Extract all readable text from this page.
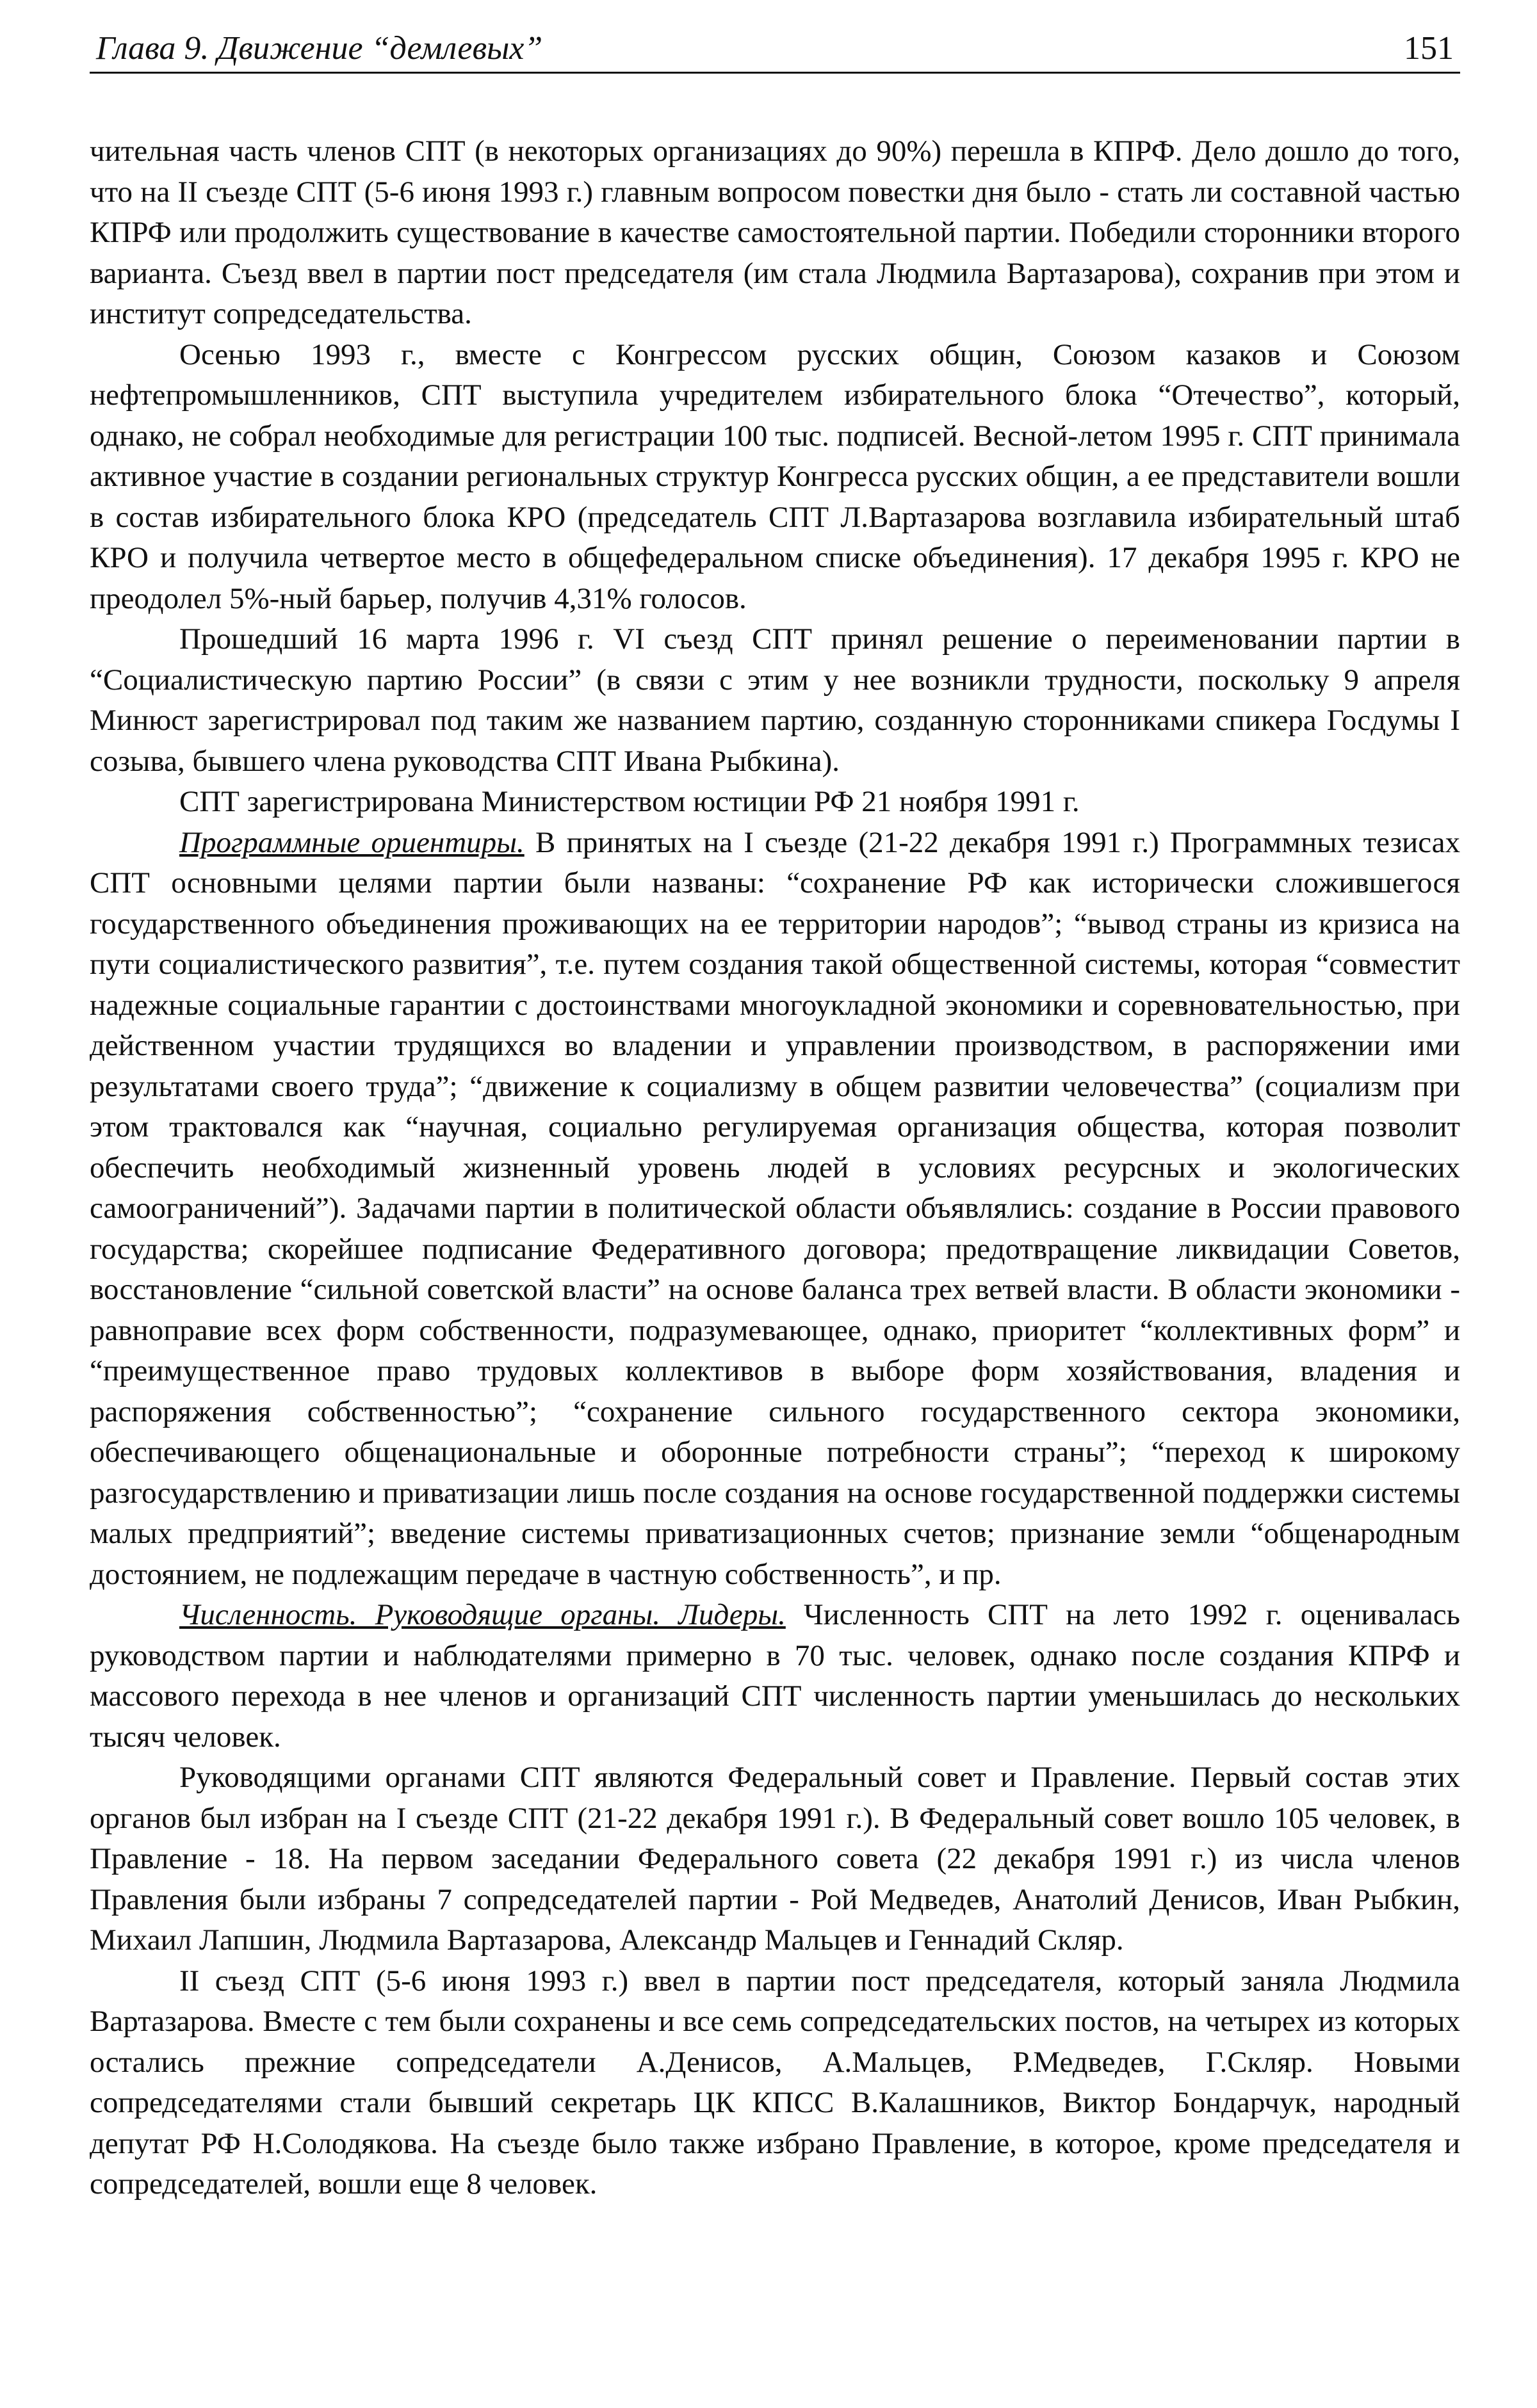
Глава 9. Движение “демлевых”	151

чительная часть членов СПТ (в некоторых организациях до 90%) перешла в КПРФ. Дело дошло до того, что на II съезде СПТ (5-6 июня 1993 г.) главным вопросом повестки дня было - стать ли составной частью КПРФ или продолжить существование в качестве самостоятельной партии. Победили сторонники второго варианта. Съезд ввел в партии пост председателя (им стала Людмила Вартазарова), сохранив при этом и институт сопредседательства.

Осенью 1993 г., вместе с Конгрессом русских общин, Союзом казаков и Союзом нефтепромышленников, СПТ выступила учредителем избирательного блока “Отечество”, который, однако, не собрал необходимые для регистрации 100 тыс. подписей. Весной-летом 1995 г. СПТ принимала активное участие в создании региональных структур Конгресса русских общин, а ее представители вошли в состав избирательного блока КРО (председатель СПТ Л.Вартазарова возглавила избирательный штаб КРО и получила четвертое место в общефедеральном списке объединения). 17 декабря 1995 г. КРО не преодолел 5%-ный барьер, получив 4,31% голосов.

Прошедший 16 марта 1996 г. VI съезд СПТ принял решение о переименовании партии в “Социалистическую партию России” (в связи с этим у нее возникли трудности, поскольку 9 апреля Минюст зарегистрировал под таким же названием партию, созданную сторонниками спикера Госдумы I созыва, бывшего члена руководства СПТ Ивана Рыбкина).

СПТ зарегистрирована Министерством юстиции РФ 21 ноября 1991 г.

Программные ориентиры. В принятых на I съезде (21-22 декабря 1991 г.) Программных тезисах СПТ основными целями партии были названы: “сохранение РФ как исторически сложившегося государственного объединения проживающих на ее территории народов”; “вывод страны из кризиса на пути социалистического развития”, т.е. путем создания такой общественной системы, которая “совместит надежные социальные гарантии с достоинствами многоукладной экономики и соревновательностью, при действенном участии трудящихся во владении и управлении производством, в распоряжении ими результатами своего труда”; “движение к социализму в общем развитии человечества” (социализм при этом трактовался как “научная, социально регулируемая организация общества, которая позволит обеспечить необходимый жизненный уровень людей в условиях ресурсных и экологических самоограничений”). Задачами партии в политической области объявлялись: создание в России правового государства; скорейшее подписание Федеративного договора; предотвращение ликвидации Советов, восстановление “сильной советской власти” на основе баланса трех ветвей власти. В области экономики - равноправие всех форм собственности, подразумевающее, однако, приоритет “коллективных форм” и “преимущественное право трудовых коллективов в выборе форм хозяйствования, владения и распоряжения собственностью”; “сохранение сильного государственного сектора экономики, обеспечивающего общенациональные и оборонные потребности страны”; “переход к широкому разгосударствлению и приватизации лишь после создания на основе государственной поддержки системы малых предприятий”; введение системы приватизационных счетов; признание земли “общенародным достоянием, не подлежащим передаче в частную собственность”, и пр.

Численность. Руководящие органы. Лидеры. Численность СПТ на лето 1992 г. оценивалась руководством партии и наблюдателями примерно в 70 тыс. человек, однако после создания КПРФ и массового перехода в нее членов и организаций СПТ численность партии уменьшилась до нескольких тысяч человек.

Руководящими органами СПТ являются Федеральный совет и Правление. Первый состав этих органов был избран на I съезде СПТ (21-22 декабря 1991 г.). В Федеральный совет вошло 105 человек, в Правление - 18. На первом заседании Федерального совета (22 декабря 1991 г.) из числа членов Правления были избраны 7 сопредседателей партии - Рой Медведев, Анатолий Денисов, Иван Рыбкин, Михаил Лапшин, Людмила Вартазарова, Александр Мальцев и Геннадий Скляр.

II съезд СПТ (5-6 июня 1993 г.) ввел в партии пост председателя, который заняла Людмила Вартазарова. Вместе с тем были сохранены и все семь сопредседательских постов, на четырех из которых остались прежние сопредседатели А.Денисов, А.Мальцев, Р.Медведев, Г.Скляр. Новыми сопредседателями стали бывший секретарь ЦК КПСС В.Калашников, Виктор Бондарчук, народный депутат РФ Н.Солодякова. На съезде было также избрано Правление, в которое, кроме председателя и сопредседателей, вошли еще 8 человек.
